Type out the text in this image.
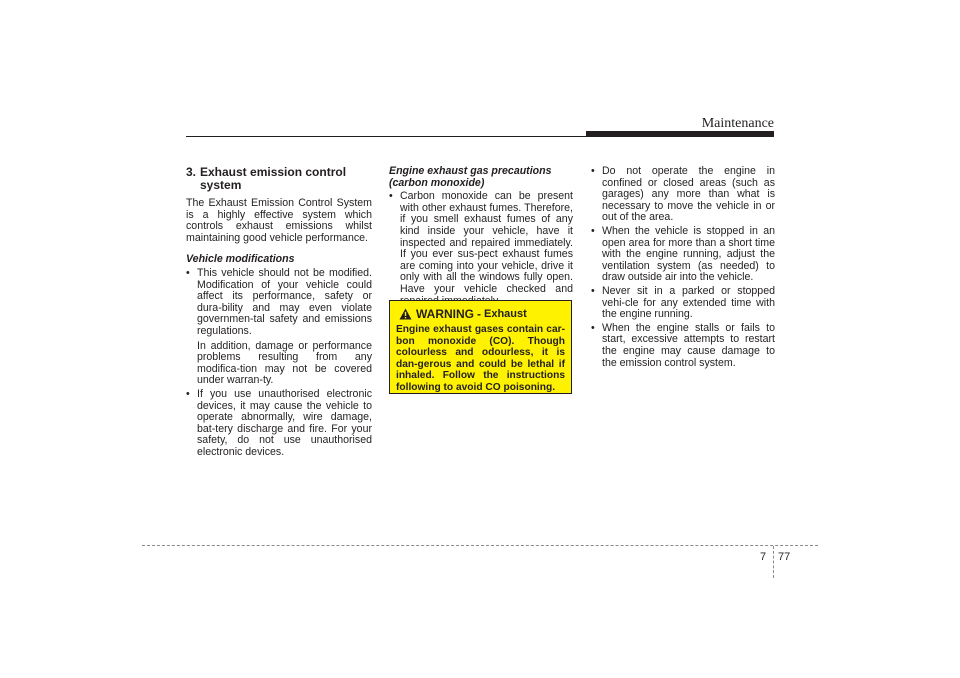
Maintenance
3. Exhaust emission control
system

The Exhaust Emission Control System is a highly effective system which controls exhaust emissions whilst maintaining good vehicle performance.

Vehicle modifications
• This vehicle should not be modified. Modification of your vehicle could affect its performance, safety or dura-bility and may even violate governmen-tal safety and emissions regulations.

In addition, damage or performance problems resulting from any modifica-tion may not be covered under warran-ty.

• If you use unauthorised electronic devices, it may cause the vehicle to operate abnormally, wire damage, bat-tery discharge and fire. For your safety, do not use unauthorised electronic devices.
Engine exhaust gas precautions
(carbon monoxide)
• Carbon monoxide can be present with other exhaust fumes. Therefore, if you smell exhaust fumes of any kind inside your vehicle, have it inspected and repaired immediately. If you ever sus-pect exhaust fumes are coming into your vehicle, drive it only with all the windows fully open. Have your vehicle checked and
WARNING - Exhaust
Engine exhaust gases contain car-bon monoxide (CO). Though colourless and odourless, it is dan-gerous and could be lethal if inhaled. Follow the instructions following to avoid CO poisoning.
• Do not operate the engine in confined or closed areas (such as garages) any more than what is necessary to move the vehicle in or out of the area.
• When the vehicle is stopped in an open area for more than a short time with the engine running, adjust the ventilation system (as needed) to draw outside air into the vehicle.
• Never sit in a parked or stopped vehi-cle for any extended time with the engine running.
• When the engine stalls or fails to start, excessive attempts to restart the engine may cause damage to the emission control system.
7 77
